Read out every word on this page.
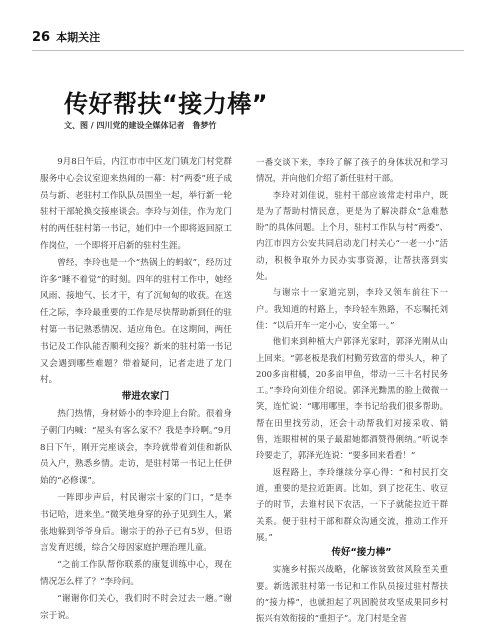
26 本期关注
传好帮扶“接力棒”
文、图 / 四川党的建设全媒体记者　鲁梦竹

9月8日午后，内江市市中区龙门镇龙门村党群服务中心会议室迎来热闹的一幕：村“两委”班子成员与新、老驻村工作队队员围坐一起，举行新一轮驻村干部轮换交接座谈会。李玲与刘佳，作为龙门村的两任驻村第一书记，她们中一个即将返回原工作岗位，一个即将开启新的驻村生涯。

曾经，李玲也是一个“热锅上的蚂蚁”，经历过许多“睡不着觉”的时刻。四年的驻村工作中，她经风雨、接地气、长才干，有了沉甸甸的收获。在送任之际，李玲最重要的工作是尽快帮助新到任的驻村第一书记熟悉情况、适应角色。在这期间，两任书记及工作队能否顺利交接？新来的驻村第一书记又会遇到哪些难题？带着疑问，记者走进了龙门村。

带进农家门

热门热情，身材娇小的李玲迎上台阶。很着身子朝门内喊：“屋头有客么家不？我是李玲啊。”9月8日下午，刚开完座谈会，李玲就带着刘佳和新队员入户，熟悉乡情。走访，是驻村第一书记上任伊始的“必修课”。

一阵即步声后，村民谢宗十家的门口，“是李书记哈，进来坐。”微笑地身穿的孙子见到生人，紧张地躲到爷爷身后。谢宗于的孙子已有5岁，但语言发育迟缓，综合父母因家庭护理治理儿童。

“之前工作队帮你联系的康复训练中心，现在情况怎么样了？”李玲问。

“谢谢你们关心，我们时不时会过去一趟。”谢宗于说。

一番交谈下来，李玲了解了孩子的身体状况和学习情况，并向他们介绍了新任驻村干部。

李玲对刘佳说，驻村干部应该常走村串户，既是为了帮助村情民意，更是为了解决群众“急难愁盼”的具体问题。上个月，驻村工作队与村“两委”、内江市四方公安共同启动龙门村关心“一老一小”活动，积极争取外力民办实事资源，让帮扶落到实处。

与谢宗十一家道完别，李玲又领车前往下一户。我知道的村路上，李玲轻车熟路，不忘嘱托刘佳：“以后开车一定小心，安全第一。”

他们来到种植大户郭泽光家时，郭泽光刚从山上回来。“郭老板是我们村勤劳致富的带头人，种了200多亩柑橘，20多亩甲鱼，带动一三十名村民务工。”李玲向刘佳介绍说。郭泽光黝黑的脸上微微一笑，连忙说：“哪用哪里，李书记给我们很多帮助。帮在田里找劳动，还会十动帮我们对接采收、销售，连眼柑树的果子最甜她都酒赞得俐纳。”听说李玲要走了，郭泽光连说：“要多回来看看！”

返程路上，李玲继续分享心得：“和村民打交道，重要的是拉近距离。比如，到了挖花生、收豆子的时节，去谁村民下农活，一下子就能拉近干群关系。便于驻村干部和群众沟通交流，推动工作开展。”

传好“接力棒”

实施乡村振兴战略，化解该贫致贫风险至关重要。新选派驻村第一书记和工作队员接过驻村帮扶的“接力棒”，也就担起了巩固脱贫攻坚成果同乡村振兴有效衔接的“重担子”。龙门村是全省
